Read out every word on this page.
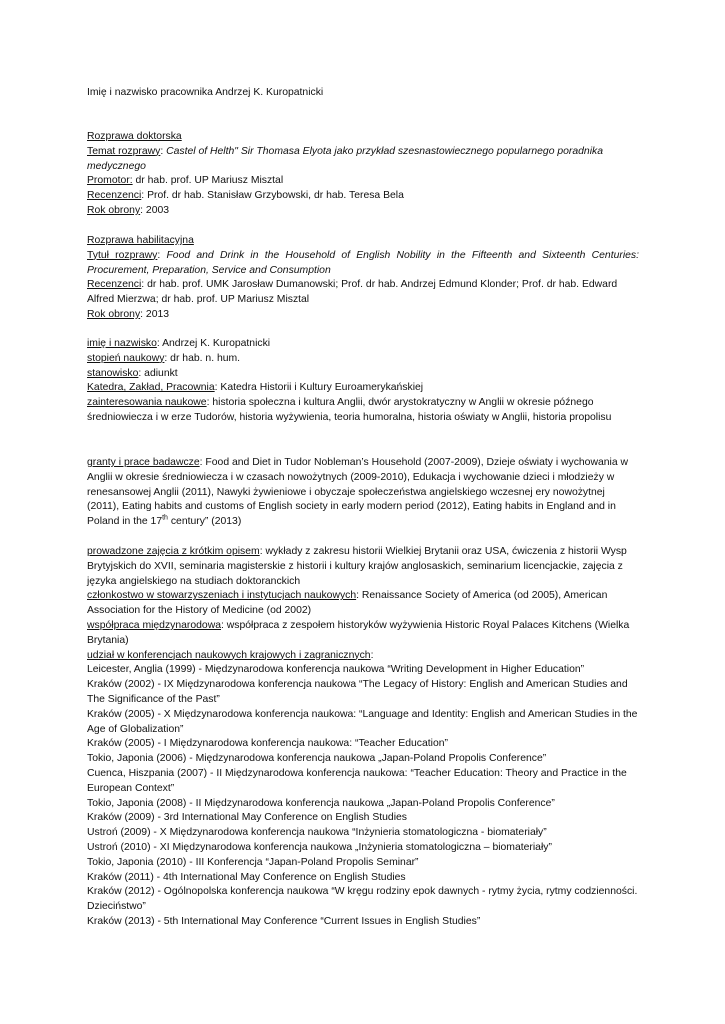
Imię i nazwisko pracownika Andrzej K. Kuropatnicki
Rozprawa doktorska
Temat rozprawy: Castel of Helth" Sir Thomasa Elyota jako przykład szesnastowiecznego popularnego poradnika medycznego
Promotor: dr hab. prof. UP Mariusz Misztal
Recenzenci: Prof. dr hab. Stanisław Grzybowski, dr hab. Teresa Bela
Rok obrony: 2003
Rozprawa habilitacyjna
Tytuł rozprawy: Food and Drink in the Household of English Nobility in the Fifteenth and Sixteenth Centuries: Procurement, Preparation, Service and Consumption
Recenzenci: dr hab. prof. UMK Jarosław Dumanowski; Prof. dr hab. Andrzej Edmund Klonder; Prof. dr hab. Edward Alfred Mierzwa; dr hab. prof. UP Mariusz Misztal
Rok obrony: 2013
imię i nazwisko: Andrzej K. Kuropatnicki
stopień naukowy: dr hab. n. hum.
stanowisko: adiunkt
Katedra, Zakład, Pracownia: Katedra Historii i Kultury Euroamerykańskiej
zainteresowania naukowe: historia społeczna i kultura Anglii, dwór arystokratyczny w Anglii w okresie późnego średniowiecza i w erze Tudorów, historia wyżywienia, teoria humoralna, historia oświaty w Anglii, historia propolisu
granty i prace badawcze: Food and Diet in Tudor Nobleman’s Household (2007-2009), Dzieje oświaty i wychowania w Anglii w okresie średniowiecza i w czasach nowożytnych (2009-2010), Edukacja i wychowanie dzieci i młodzieży w renesansowej Anglii (2011), Nawyki żywieniowe i obyczaje społeczeństwa angielskiego wczesnej ery nowożytnej (2011), Eating habits and customs of English society in early modern period (2012), Eating habits in England and in Poland in the 17th century” (2013)
prowadzone zajęcia z krótkim opisem: wykłady z zakresu historii Wielkiej Brytanii oraz USA, ćwiczenia z historii Wysp Brytyjskich do XVII, seminaria magisterskie z historii i kultury krajów anglosaskich, seminarium licencjackie, zajęcia z języka angielskiego na studiach doktoranckich
członkostwo w stowarzyszeniach i instytucjach naukowych: Renaissance Society of America (od 2005), American Association for the History of Medicine (od 2002)
współpraca międzynarodowa: współpraca z zespołem historyków wyżywienia Historic Royal Palaces Kitchens (Wielka Brytania)
udział w konferencjach naukowych krajowych i zagranicznych:
Leicester, Anglia (1999) - Międzynarodowa konferencja naukowa “Writing Development in Higher Education”
Kraków (2002) - IX Międzynarodowa konferencja naukowa “The Legacy of History: English and American Studies and The Significance of the Past”
Kraków (2005) - X Międzynarodowa konferencja naukowa: “Language and Identity: English and American Studies in the Age of Globalization”
Kraków (2005) - I Międzynarodowa konferencja naukowa: “Teacher Education”
Tokio, Japonia (2006) - Międzynarodowa konferencja naukowa „Japan-Poland Propolis Conference”
Cuenca, Hiszpania (2007) - II Międzynarodowa konferencja naukowa: “Teacher Education: Theory and Practice in the European Context”
Tokio, Japonia (2008) - II Międzynarodowa konferencja naukowa „Japan-Poland Propolis Conference”
Kraków (2009) - 3rd International May Conference on English Studies
Ustroń (2009) - X Międzynarodowa konferencja naukowa “Inżynieria stomatologiczna - biomateriały”
Ustroń (2010) - XI Międzynarodowa konferencja naukowa „Inżynieria stomatologiczna – biomateriały”
Tokio, Japonia (2010) - III Konferencja “Japan-Poland Propolis Seminar”
Kraków (2011) - 4th International May Conference on English Studies
Kraków (2012) - Ogólnopolska konferencja naukowa “W kręgu rodziny epok dawnych - rytmy życia, rytmy codzienności. Dzieciństwo”
Kraków (2013) - 5th International May Conference “Current Issues in English Studies”
